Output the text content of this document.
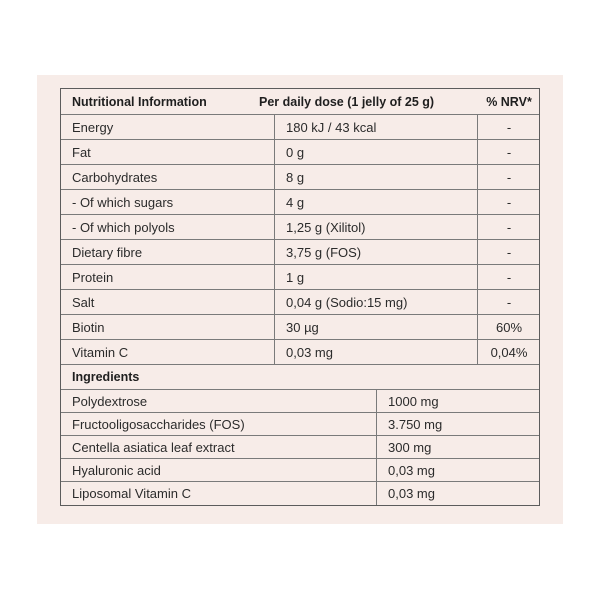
Nutritional Information	Per daily dose (1 jelly of 25 g)	% NRV*
Energy	180 kJ / 43 kcal	-
Fat	0 g	-
Carbohydrates	8 g	-
- Of which sugars	4 g	-
- Of which polyols	1,25 g (Xilitol)	-
Dietary fibre	3,75 g (FOS)	-
Protein	1 g	-
Salt	0,04 g (Sodio:15 mg)	-
Biotin	30 µg	60%
Vitamin C	0,03 mg	0,04%
Ingredients
Polydextrose	1000 mg
Fructooligosaccharides (FOS)	3.750 mg
Centella asiatica leaf extract	300 mg
Hyaluronic acid	0,03 mg
Liposomal Vitamin C	0,03 mg
